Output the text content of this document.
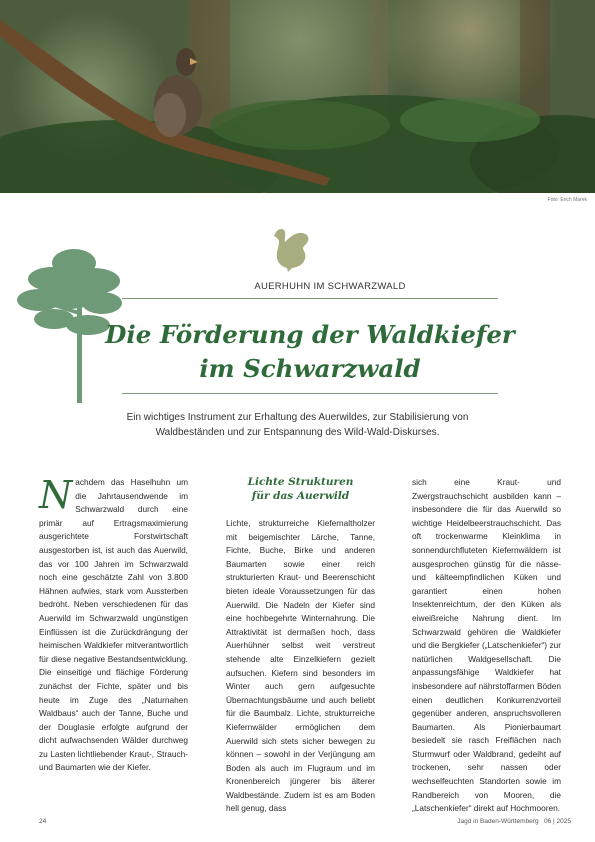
Foto: Erich Marek
AUERHUHN IM SCHWARZWALD
Die Förderung der Waldkiefer
im Schwarzwald
Ein wichtiges Instrument zur Erhaltung des Auerwildes, zur Stabilisierung von Waldbeständen und zur Entspannung des Wild-Wald-Diskurses.
N achdem das Haselhuhn um die Jahrtausendwende im Schwarzwald durch eine primär auf Ertragsmaximierung ausgerichtete Forstwirtschaft ausgestorben ist, ist auch das Auerwild, das vor 100 Jahren im Schwarzwald noch eine geschätzte Zahl von 3.800 Hähnen aufwies, stark vom Aussterben bedroht. Neben verschiedenen für das Auerwild im Schwarzwald ungünstigen Einflüssen ist die Zurückdrängung der heimischen Waldkiefer mitverantwortlich für diese negative Bestandsentwicklung. Die einseitige und flächige Förderung zunächst der Fichte, später und bis heute im Zuge des „Naturnahen Waldbaus“ auch der Tanne, Buche und der Douglasie erfolgte aufgrund der dicht aufwachsenden Wälder durchweg zu Lasten lichtliebender Kraut-, Strauch- und Baumarten wie der Kiefer.

Lichte Strukturen
für das Auerwild

Lichte, strukturreiche Kiefernaltholzer mit beigemischter Lärche, Tanne, Fichte, Buche, Birke und anderen Baumarten sowie einer reich strukturierten Kraut- und Beerenschicht bieten ideale Voraussetzungen für das Auerwild. Die Nadeln der Kiefer sind eine hochbegehrte Winternahrung. Die Attraktivität ist dermaßen hoch, dass Auerhühner selbst weit verstreut stehende alte Einzelkiefern gezielt aufsuchen. Kiefern sind besonders im Winter auch gern aufgesuchte Übernachtungsbäume und auch beliebt für die Baumbalz. Lichte, strukturreiche Kiefernwälder ermöglichen dem Auerwild sich stets sicher bewegen zu können – sowohl in der Verjüngung am Boden als auch im Flugraum und im Kronenbereich jüngerer bis älterer Waldbestände. Zudem ist es am Boden hell genug, dass

sich eine Kraut- und Zwergstrauchschicht ausbilden kann – insbesondere die für das Auerwild so wichtige Heidelbeerstrauchschicht. Das oft trockenwarme Kleinklima in sonnendurchfluteten Kiefernwäldern ist ausgesprochen günstig für die nässe- und kälteempfindlichen Küken und garantiert einen hohen Insektenreichtum, der den Küken als eiweißreiche Nahrung dient. Im Schwarzwald gehören die Waldkiefer und die Bergkiefer („Latschenkiefer“) zur natürlichen Waldgesellschaft. Die anpassungsfähige Waldkiefer hat insbesondere auf nährstoffarmen Böden einen deutlichen Konkurrenzvorteil gegenüber anderen, anspruchsvolleren Baumarten. Als Pionierbaumart besiedelt sie rasch Freiflächen nach Sturmwurf oder Waldbrand, gedeiht auf trockenen, sehr nassen oder wechselfeuchten Standorten sowie im Randbereich von Mooren, die „Latschenkiefer“ direkt auf Hochmooren.

24	Jagd in Baden-Württemberg 06 | 2025
